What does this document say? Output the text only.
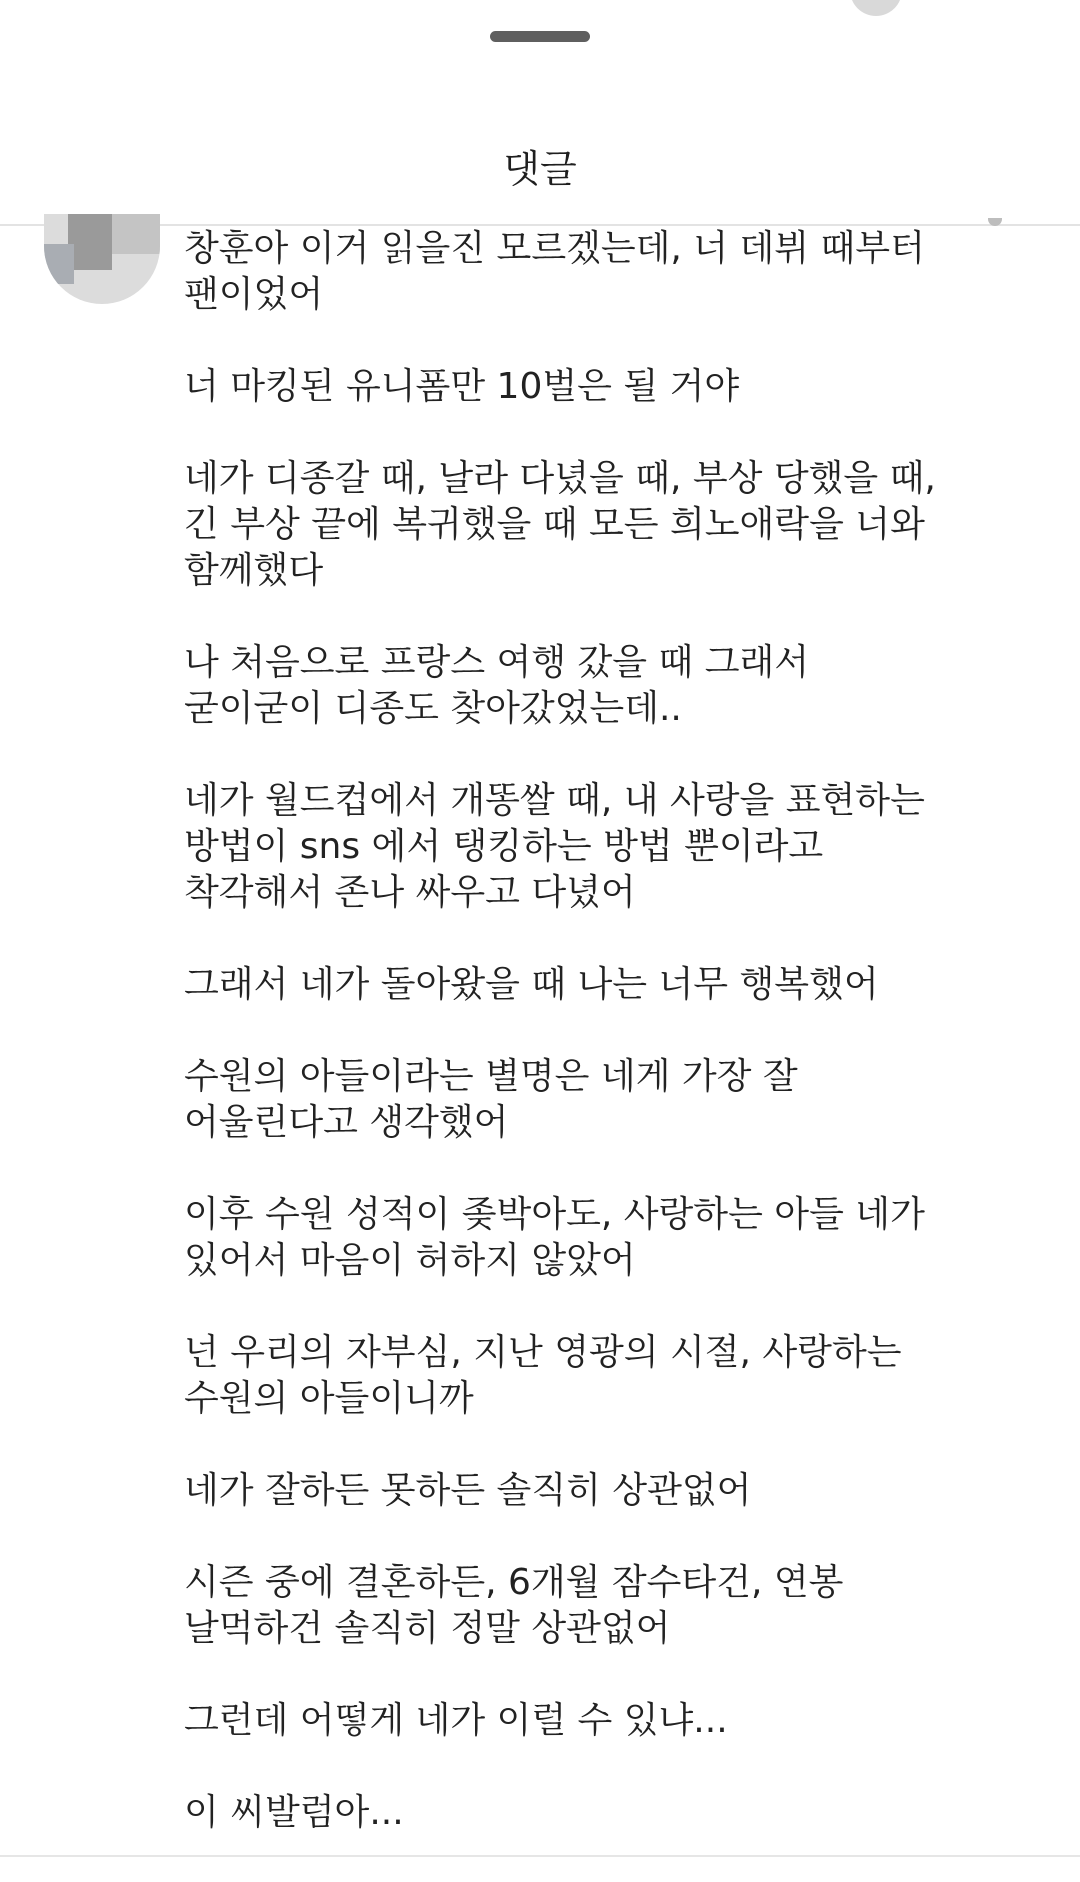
댓글
창훈아 이거 읽을진 모르겠는데, 너 데뷔 때부터
팬이었어
너 마킹된 유니폼만 10벌은 될 거야
네가 디종갈 때, 날라 다녔을 때, 부상 당했을 때,
긴 부상 끝에 복귀했을 때 모든 희노애락을 너와
함께했다
나 처음으로 프랑스 여행 갔을 때 그래서
굳이굳이 디종도 찾아갔었는데..
네가 월드컵에서 개똥쌀 때, 내 사랑을 표현하는
방법이 sns 에서 탱킹하는 방법 뿐이라고
착각해서 존나 싸우고 다녔어
그래서 네가 돌아왔을 때 나는 너무 행복했어
수원의 아들이라는 별명은 네게 가장 잘
어울린다고 생각했어
이후 수원 성적이 좆박아도, 사랑하는 아들 네가
있어서 마음이 허하지 않았어
넌 우리의 자부심, 지난 영광의 시절, 사랑하는
수원의 아들이니까
네가 잘하든 못하든 솔직히 상관없어
시즌 중에 결혼하든, 6개월 잠수타건, 연봉
날먹하건 솔직히 정말 상관없어
그런데 어떻게 네가 이럴 수 있냐...
이 씨발럼아...
